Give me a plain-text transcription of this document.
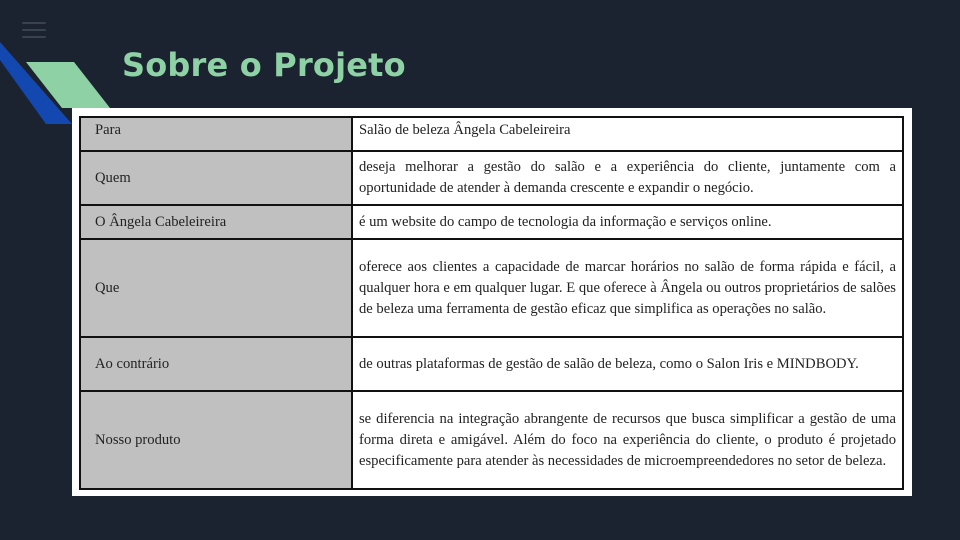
Sobre o Projeto
Para	Salão de beleza Ângela Cabeleireira
Quem	deseja melhorar a gestão do salão e a experiência do cliente, juntamente com a oportunidade de atender à demanda crescente e expandir o negócio.
O Ângela Cabeleireira	é um website do campo de tecnologia da informação e serviços online.
Que	oferece aos clientes a capacidade de marcar horários no salão de forma rápida e fácil, a qualquer hora e em qualquer lugar. E que oferece à Ângela ou outros proprietários de salões de beleza uma ferramenta de gestão eficaz que simplifica as operações no salão.
Ao contrário	de outras plataformas de gestão de salão de beleza, como o Salon Iris e MINDBODY.
Nosso produto	se diferencia na integração abrangente de recursos que busca simplificar a gestão de uma forma direta e amigável. Além do foco na experiência do cliente, o produto é projetado especificamente para atender às necessidades de microempreendedores no setor de beleza.
